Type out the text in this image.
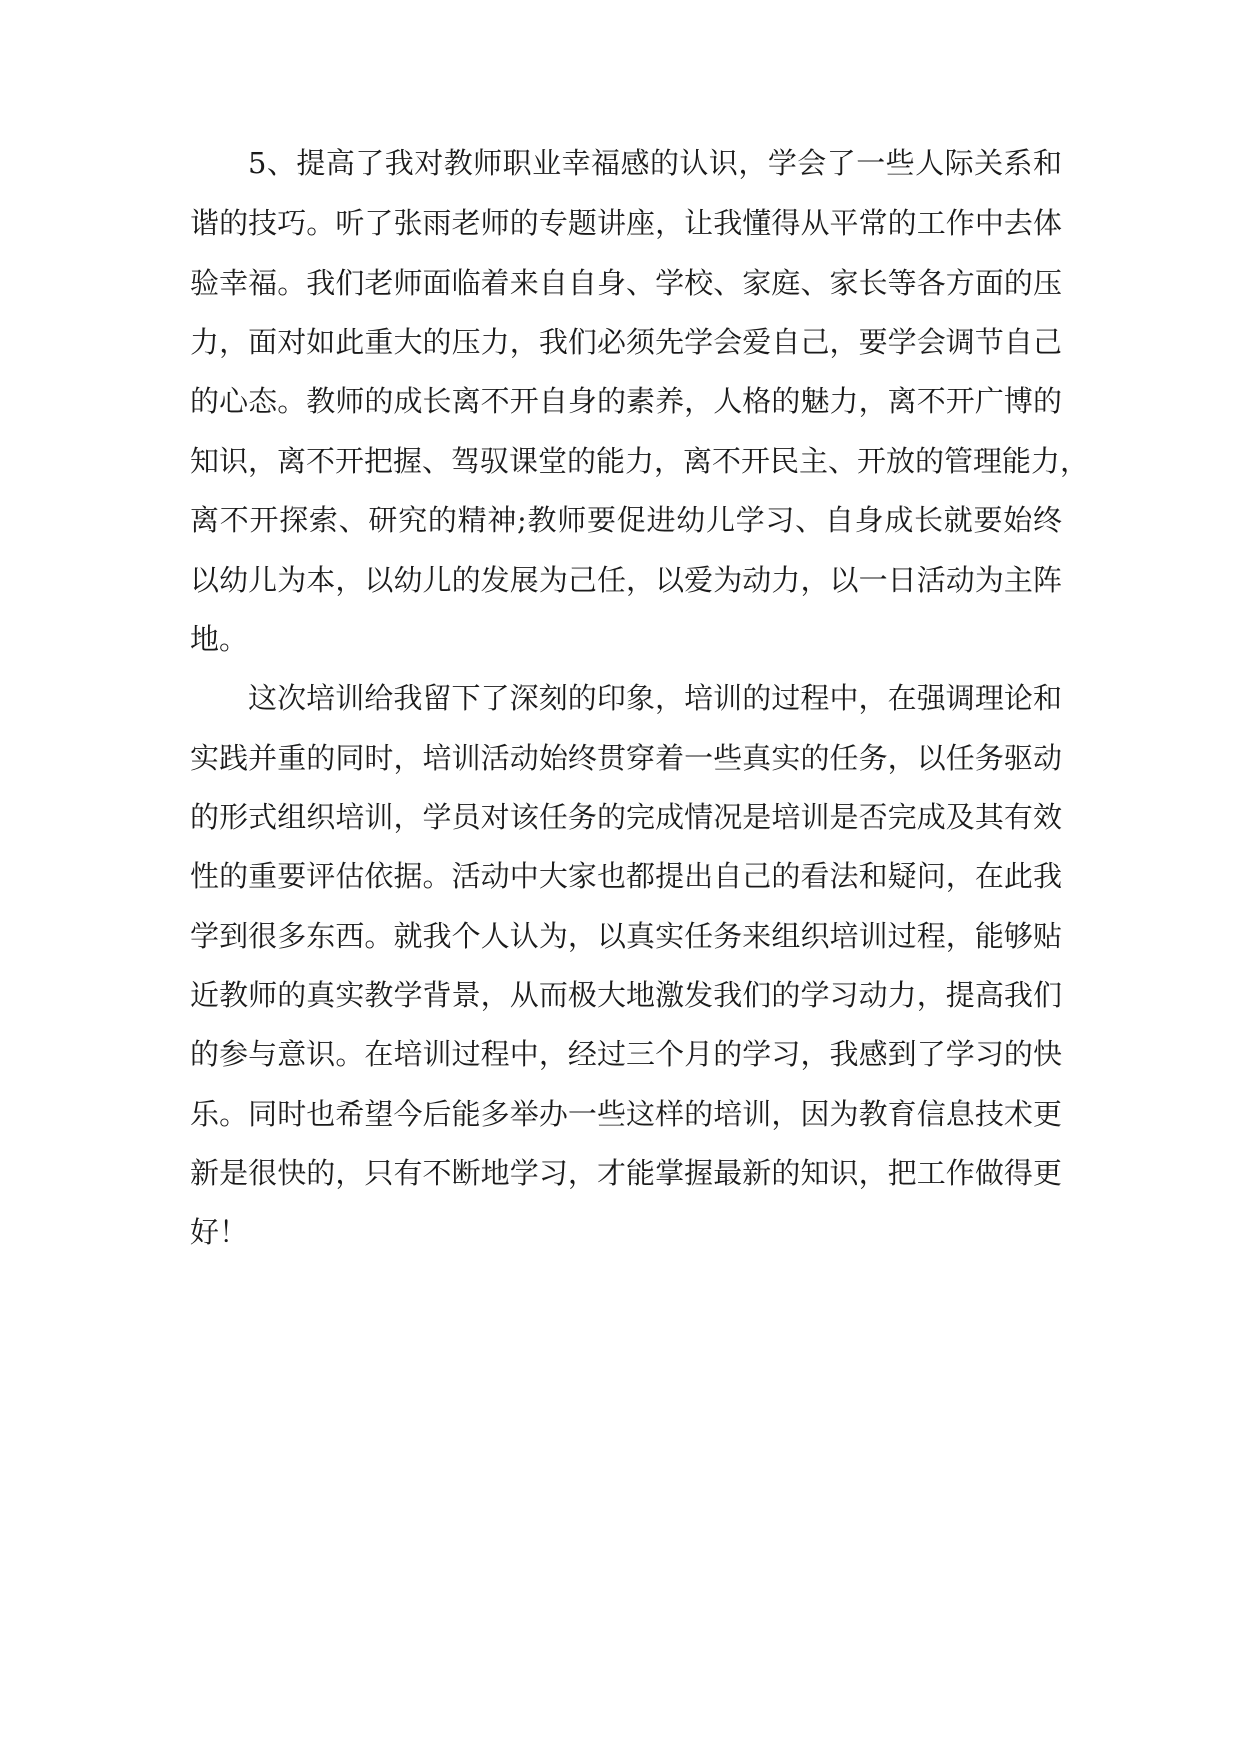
5、提高了我对教师职业幸福感的认识，学会了一些人际关系和
谐的技巧。听了张雨老师的专题讲座，让我懂得从平常的工作中去体
验幸福。我们老师面临着来自自身、学校、家庭、家长等各方面的压
力，面对如此重大的压力，我们必须先学会爱自己，要学会调节自己
的心态。教师的成长离不开自身的素养，人格的魅力，离不开广博的
知识，离不开把握、驾驭课堂的能力，离不开民主、开放的管理能力，
离不开探索、研究的精神;教师要促进幼儿学习、自身成长就要始终
以幼儿为本，以幼儿的发展为己任，以爱为动力，以一日活动为主阵
地。
这次培训给我留下了深刻的印象，培训的过程中，在强调理论和
实践并重的同时，培训活动始终贯穿着一些真实的任务，以任务驱动
的形式组织培训，学员对该任务的完成情况是培训是否完成及其有效
性的重要评估依据。活动中大家也都提出自己的看法和疑问，在此我
学到很多东西。就我个人认为，以真实任务来组织培训过程，能够贴
近教师的真实教学背景，从而极大地激发我们的学习动力，提高我们
的参与意识。在培训过程中，经过三个月的学习，我感到了学习的快
乐。同时也希望今后能多举办一些这样的培训，因为教育信息技术更
新是很快的，只有不断地学习，才能掌握最新的知识，把工作做得更
好！
